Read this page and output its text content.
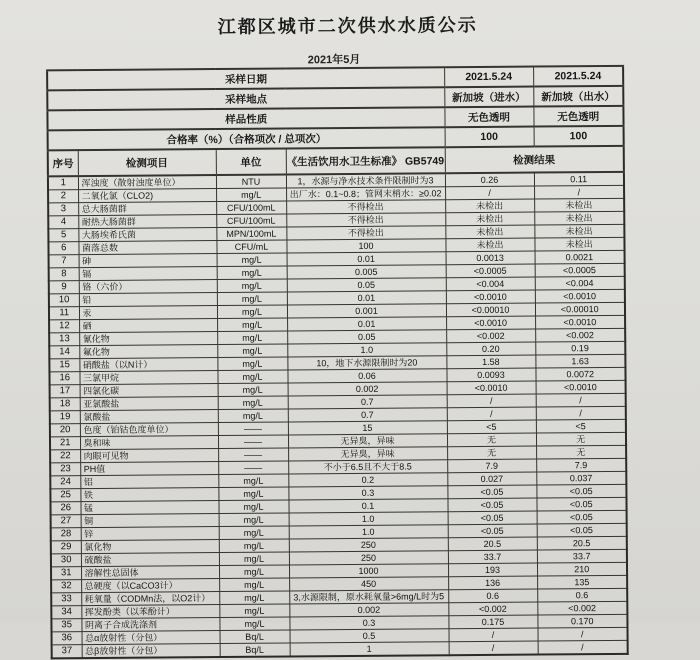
江都区城市二次供水水质公示
2021年5月
采样日期				2021.5.24	2021.5.24
采样地点				新加坡（进水）	新加坡（出水）
样品性质				无色透明	无色透明
合格率（%）（合格项次 / 总项次）				100	100
序号	检测项目	单位	《生活饮用水卫生标准》 GB5749	检测结果	
1	浑浊度（散射浊度单位）	NTU	1，水源与净水技术条件限制时为3	0.26	0.11
2	二氧化氯（CLO2)	mg/L	出厂水：0.1~0.8；管网末梢水：≥0.02	/	/
3	总大肠菌群	CFU/100mL	不得检出	未检出	未检出
4	耐热大肠菌群	CFU/100mL	不得检出	未检出	未检出
5	大肠埃希氏菌	MPN/100mL	不得检出	未检出	未检出
6	菌落总数	CFU/mL	100	未检出	未检出
7	砷	mg/L	0.01	0.0013	0.0021
8	镉	mg/L	0.005	<0.0005	<0.0005
9	铬（六价）	mg/L	0.05	<0.004	<0.004
10	铅	mg/L	0.01	<0.0010	<0.0010
11	汞	mg/L	0.001	<0.00010	<0.00010
12	硒	mg/L	0.01	<0.0010	<0.0010
13	氰化物	mg/L	0.05	<0.002	<0.002
14	氟化物	mg/L	1.0	0.20	0.19
15	硝酸盐（以N计）	mg/L	10，地下水源限制时为20	1.58	1.63
16	三氯甲烷	mg/L	0.06	0.0093	0.0072
17	四氯化碳	mg/L	0.002	<0.0010	<0.0010
18	亚氯酸盐	mg/L	0.7	/	/
19	氯酸盐	mg/L	0.7	/	/
20	色度（铂钴色度单位）	——	15	<5	<5
21	臭和味	——	无异臭，异味	无	无
22	肉眼可见物	——	无异臭，异味	无	无
23	PH值	——	不小于6.5且不大于8.5	7.9	7.9
24	铝	mg/L	0.2	0.027	0.037
25	铁	mg/L	0.3	<0.05	<0.05
26	锰	mg/L	0.1	<0.05	<0.05
27	铜	mg/L	1.0	<0.05	<0.05
28	锌	mg/L	1.0	<0.05	<0.05
29	氯化物	mg/L	250	20.5	20.5
30	硫酸盐	mg/L	250	33.7	33.7
31	溶解性总固体	mg/L	1000	193	210
32	总硬度（以CaCO3计）	mg/L	450	136	135
33	耗氧量（CODMn法，以O2计）	mg/L	3,水源限制，原水耗氧量>6mg/L时为5	0.6	0.6
34	挥发酚类（以苯酚计）	mg/L	0.002	<0.002	<0.002
35	阴离子合成洗涤剂	mg/L	0.3	0.175	0.170
36	总α放射性（分包）	Bq/L	0.5	/	/
37	总β放射性（分包）	Bq/L	1	/	/
